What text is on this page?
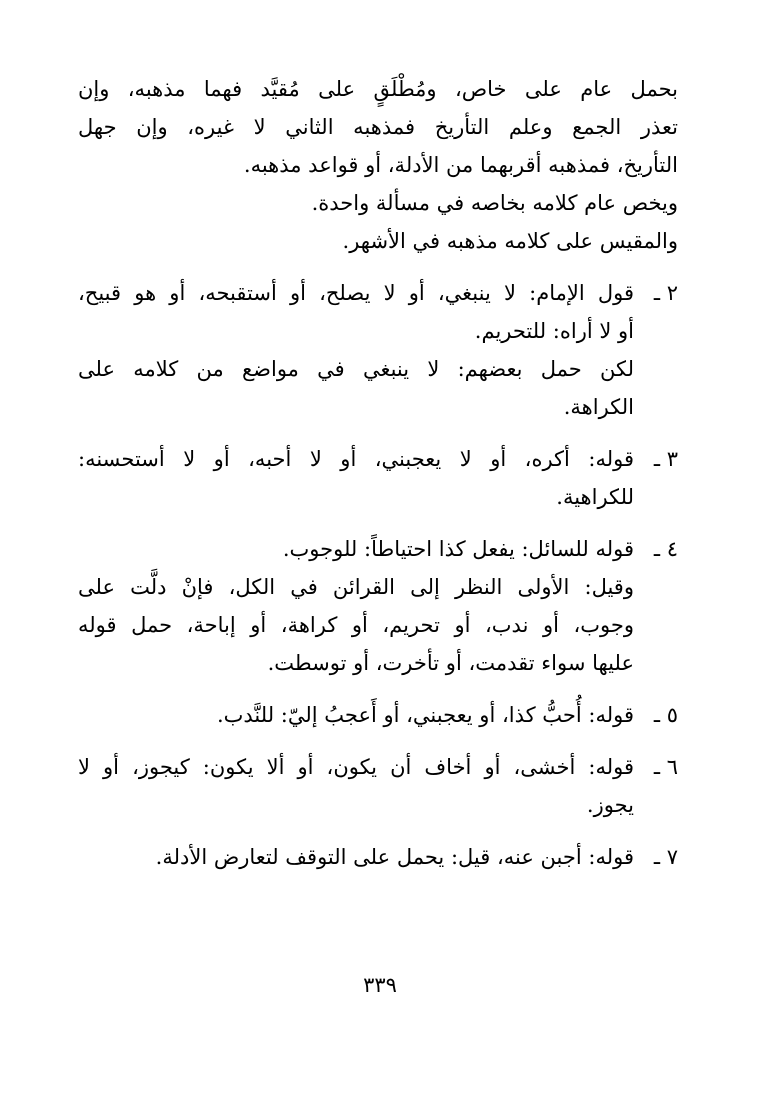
بحمل عام على خاص، ومُطْلَقٍ على مُقيَّد فهما مذهبه، وإن
تعذر الجمع وعلم التأريخ فمذهبه الثاني لا غيره، وإن جهل
التأريخ، فمذهبه أقربهما من الأدلة، أو قواعد مذهبه.
ويخص عام كلامه بخاصه في مسألة واحدة.
والمقيس على كلامه مذهبه في الأشهر.
٢ ـ
قول الإمام: لا ينبغي، أو لا يصلح، أو أستقبحه، أو هو قبيح،
أو لا أراه: للتحريم.
لكن حمل بعضهم: لا ينبغي في مواضع من كلامه على
الكراهة.
٣ ـ
قوله: أكره، أو لا يعجبني، أو لا أحبه، أو لا أستحسنه:
للكراهية.
٤ ـ
قوله للسائل: يفعل كذا احتياطاً: للوجوب.
وقيل: الأولى النظر إلى القرائن في الكل، فإنْ دلَّت على
وجوب، أو ندب، أو تحريم، أو كراهة، أو إباحة، حمل قوله
عليها سواء تقدمت، أو تأخرت، أو توسطت.
٥ ـ
قوله: أُحبُّ كذا، أو يعجبني، أو أَعجبُ إليّ: للنَّدب.
٦ ـ
قوله: أخشى، أو أخاف أن يكون، أو ألا يكون: كيجوز، أو لا
يجوز.
٧ ـ
قوله: أجبن عنه، قيل: يحمل على التوقف لتعارض الأدلة.
٣٣٩
